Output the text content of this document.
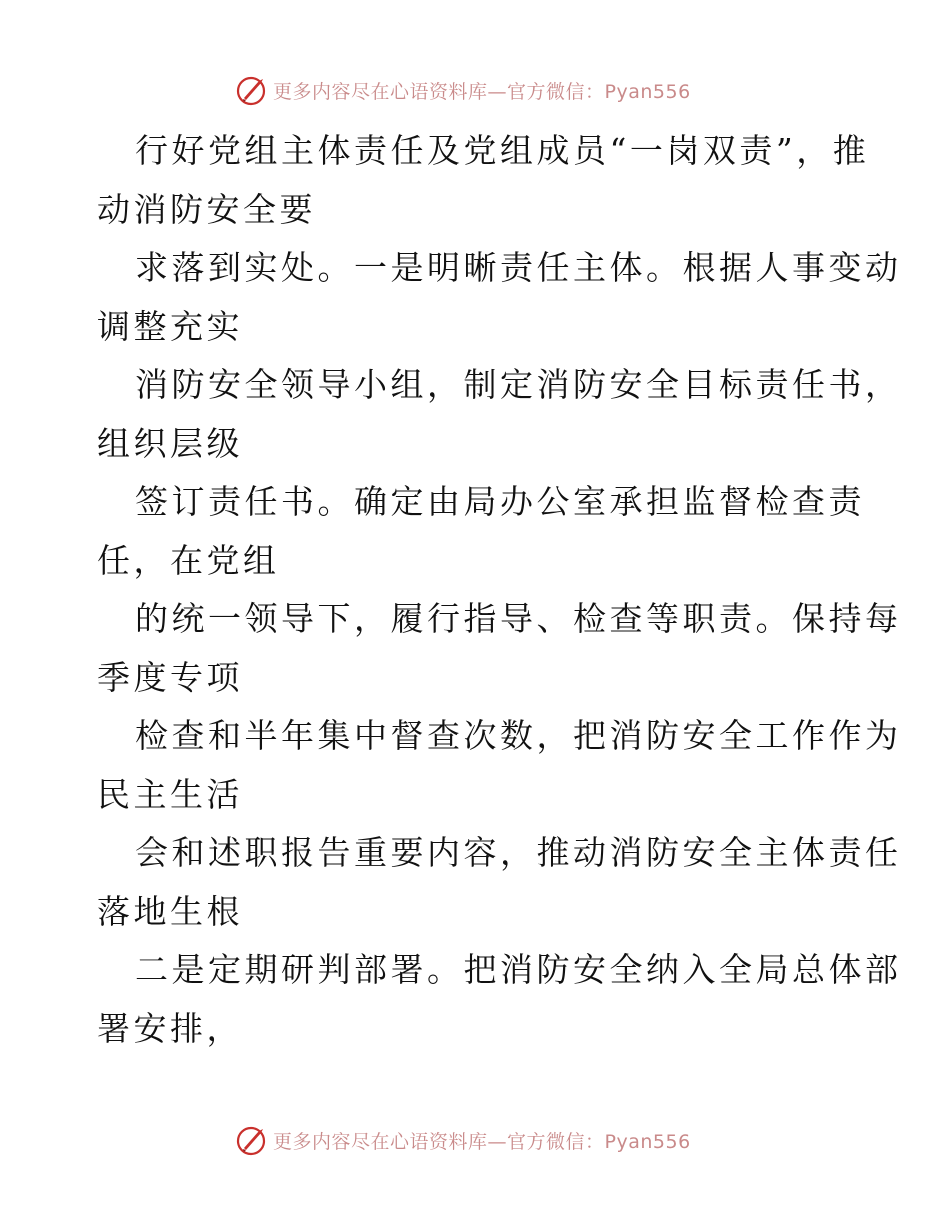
更多内容尽在心语资料库—官方微信：Pyan556
行好党组主体责任及党组成员“一岗双责”，推
动消防安全要
求落到实处。一是明晰责任主体。根据人事变动
调整充实
消防安全领导小组，制定消防安全目标责任书，
组织层级
签订责任书。确定由局办公室承担监督检查责
任，在党组
的统一领导下，履行指导、检查等职责。保持每
季度专项
检查和半年集中督查次数，把消防安全工作作为
民主生活
会和述职报告重要内容，推动消防安全主体责任
落地生根
二是定期研判部署。把消防安全纳入全局总体部
署安排，
更多内容尽在心语资料库—官方微信：Pyan556
